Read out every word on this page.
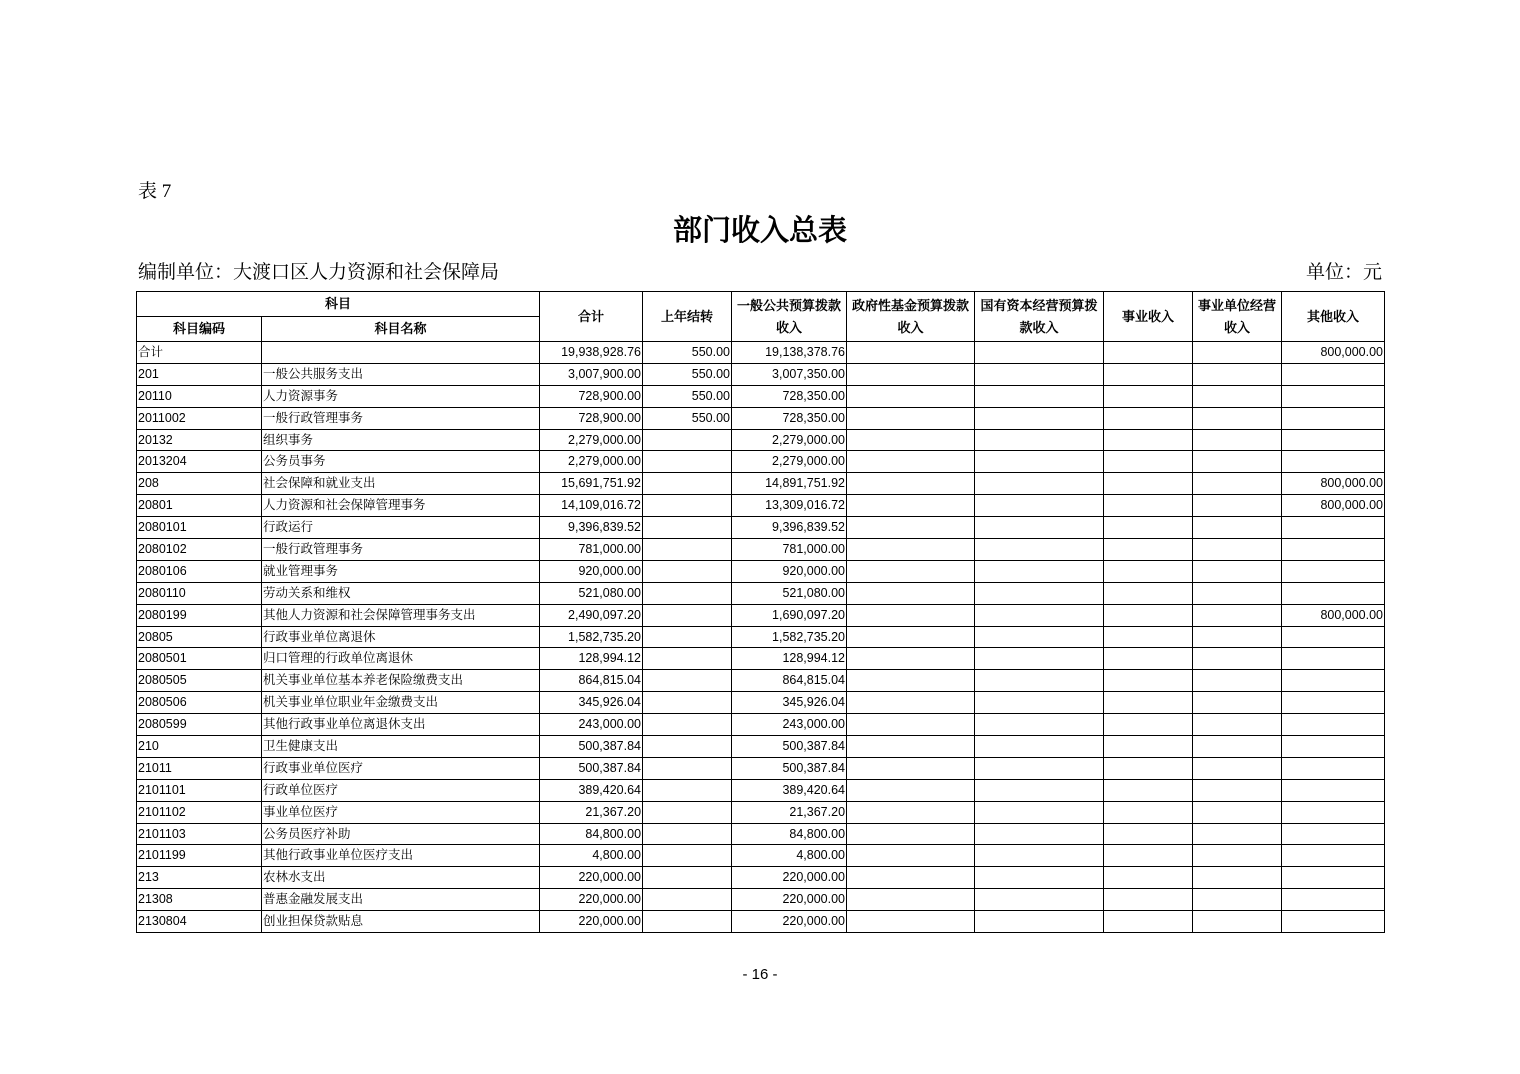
表 7
部门收入总表
编制单位：大渡口区人力资源和社会保障局	单位：元
科目		合计	上年结转	一般公共预算拨款收入	政府性基金预算拨款收入	国有资本经营预算拨款收入	事业收入	事业单位经营收入	其他收入
科目编码	科目名称								
合计		19,938,928.76	550.00	19,138,378.76					800,000.00
201	一般公共服务支出	3,007,900.00	550.00	3,007,350.00					
20110	人力资源事务	728,900.00	550.00	728,350.00					
2011002	一般行政管理事务	728,900.00	550.00	728,350.00					
20132	组织事务	2,279,000.00		2,279,000.00					
2013204	公务员事务	2,279,000.00		2,279,000.00					
208	社会保障和就业支出	15,691,751.92		14,891,751.92					800,000.00
20801	人力资源和社会保障管理事务	14,109,016.72		13,309,016.72					800,000.00
2080101	行政运行	9,396,839.52		9,396,839.52					
2080102	一般行政管理事务	781,000.00		781,000.00					
2080106	就业管理事务	920,000.00		920,000.00					
2080110	劳动关系和维权	521,080.00		521,080.00					
2080199	其他人力资源和社会保障管理事务支出	2,490,097.20		1,690,097.20					800,000.00
20805	行政事业单位离退休	1,582,735.20		1,582,735.20					
2080501	归口管理的行政单位离退休	128,994.12		128,994.12					
2080505	机关事业单位基本养老保险缴费支出	864,815.04		864,815.04					
2080506	机关事业单位职业年金缴费支出	345,926.04		345,926.04					
2080599	其他行政事业单位离退休支出	243,000.00		243,000.00					
210	卫生健康支出	500,387.84		500,387.84					
21011	行政事业单位医疗	500,387.84		500,387.84					
2101101	行政单位医疗	389,420.64		389,420.64					
2101102	事业单位医疗	21,367.20		21,367.20					
2101103	公务员医疗补助	84,800.00		84,800.00					
2101199	其他行政事业单位医疗支出	4,800.00		4,800.00					
213	农林水支出	220,000.00		220,000.00					
21308	普惠金融发展支出	220,000.00		220,000.00					
2130804	创业担保贷款贴息	220,000.00		220,000.00					
- 16 -
